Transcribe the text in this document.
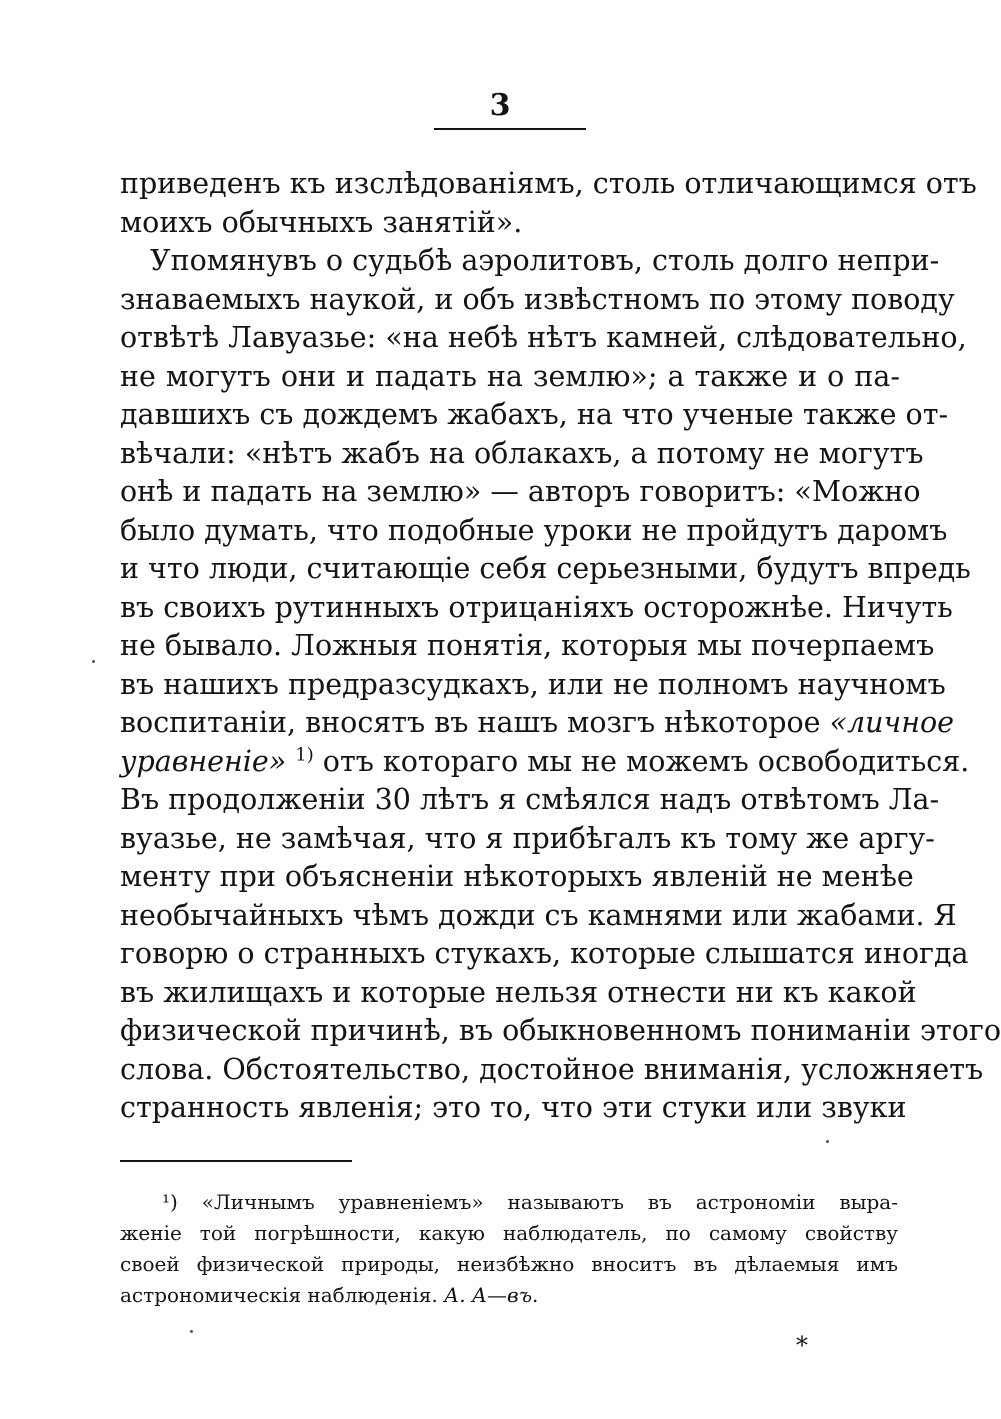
3
приведенъ къ изслѣдованіямъ, столь отличающимся отъ
моихъ обычныхъ занятій».
Упомянувъ о судьбѣ аэролитовъ, столь долго непри-
знаваемыхъ наукой, и объ извѣстномъ по этому поводу
отвѣтѣ Лавуазье: «на небѣ нѣтъ камней, слѣдовательно,
не могутъ они и падать на землю»; а также и о па-
давшихъ съ дождемъ жабахъ, на что ученые также от-
вѣчали: «нѣтъ жабъ на облакахъ, а потому не могутъ
онѣ и падать на землю» — авторъ говоритъ: «Можно
было думать, что подобные уроки не пройдутъ даромъ
и что люди, считающіе себя серьезными, будутъ впредь
въ своихъ рутинныхъ отрицаніяхъ осторожнѣе. Ничуть
не бывало. Ложныя понятія, которыя мы почерпаемъ
въ нашихъ предразсудкахъ, или не полномъ научномъ
воспитаніи, вносятъ въ нашъ мозгъ нѣкоторое «личное
уравненіе» $^{1)}$ отъ котораго мы не можемъ освободиться.
Въ продолженіи 30 лѣтъ я смѣялся надъ отвѣтомъ Ла-
вуазье, не замѣчая, что я прибѣгалъ къ тому же аргу-
менту при объясненіи нѣкоторыхъ явленій не менѣе
необычайныхъ чѣмъ дожди съ камнями или жабами. Я
говорю о странныхъ стукахъ, которые слышатся иногда
въ жилищахъ и которые нельзя отнести ни къ какой
физической причинѣ, въ обыкновенномъ пониманіи этого
слова. Обстоятельство, достойное вниманія, усложняетъ
странность явленія; это то, что эти стуки или звуки
¹) «Личнымъ уравненіемъ» называютъ въ астрономіи выра-
женіе той погрѣшности, какую наблюдатель, по самому свойству
своей физической природы, неизбѣжно вноситъ въ дѣлаемыя имъ
астрономическія наблюденія. А. А—въ.
⁎
